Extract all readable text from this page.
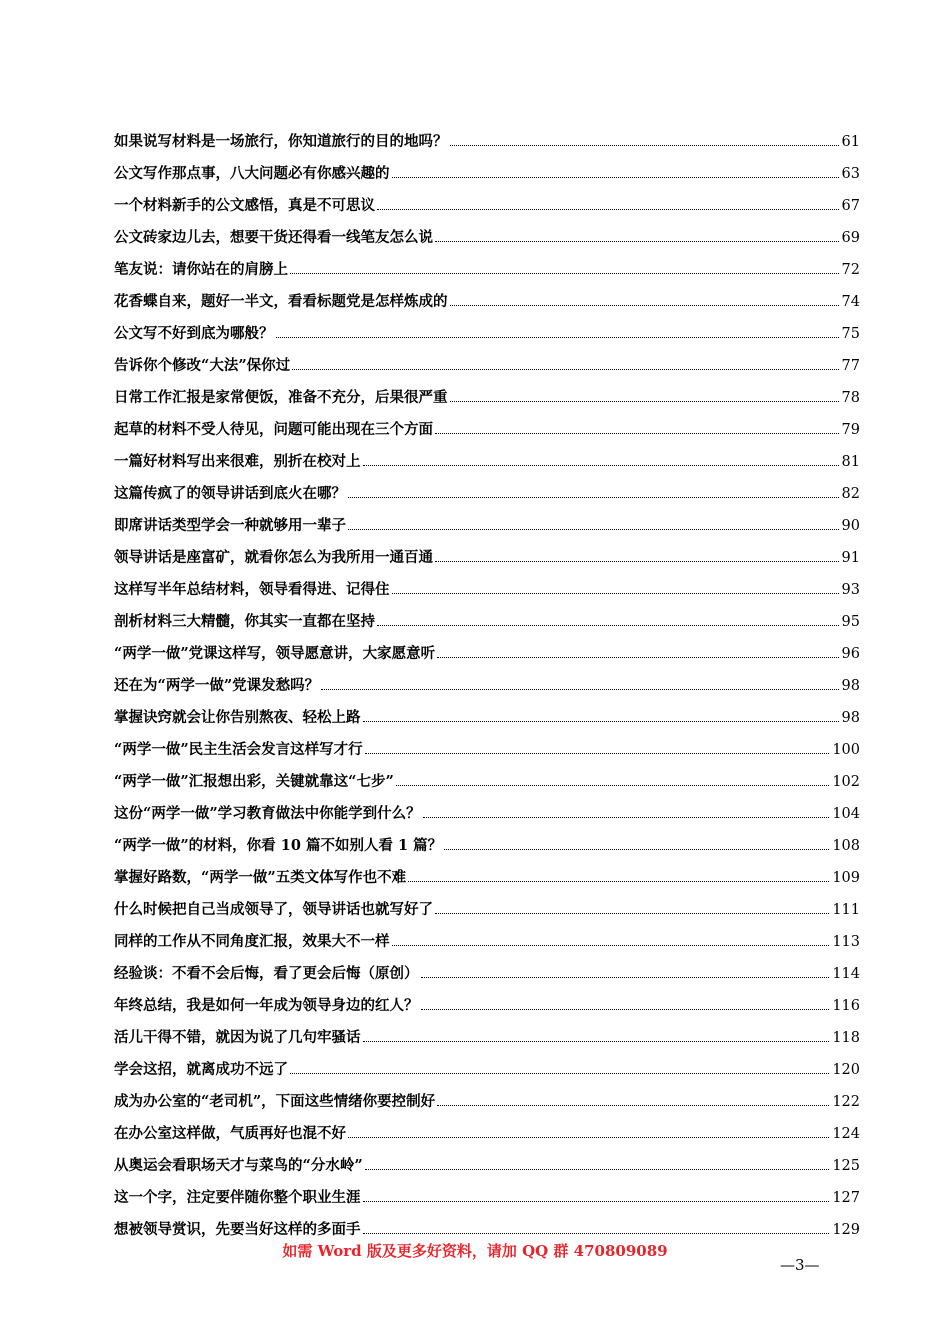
如果说写材料是一场旅行，你知道旅行的目的地吗？	61
公文写作那点事，八大问题必有你感兴趣的	63
一个材料新手的公文感悟，真是不可思议	67
公文砖家边儿去，想要干货还得看一线笔友怎么说	69
笔友说：请你站在的肩膀上	72
花香蝶自来，题好一半文，看看标题党是怎样炼成的	74
公文写不好到底为哪般？	75
告诉你个修改“大法”保你过	77
日常工作汇报是家常便饭，准备不充分，后果很严重	78
起草的材料不受人待见，问题可能出现在三个方面	79
一篇好材料写出来很难，别折在校对上	81
这篇传疯了的领导讲话到底火在哪？	82
即席讲话类型学会一种就够用一辈子	90
领导讲话是座富矿，就看你怎么为我所用一通百通	91
这样写半年总结材料，领导看得进、记得住	93
剖析材料三大精髓，你其实一直都在坚持	95
“两学一做”党课这样写，领导愿意讲，大家愿意听	96
还在为“两学一做”党课发愁吗？	98
掌握诀窍就会让你告别熬夜、轻松上路	98
“两学一做”民主生活会发言这样写才行	100
“两学一做”汇报想出彩，关键就靠这“七步”	102
这份“两学一做”学习教育做法中你能学到什么？	104
“两学一做”的材料，你看 10 篇不如别人看 1 篇？	108
掌握好路数，“两学一做”五类文体写作也不难	109
什么时候把自己当成领导了，领导讲话也就写好了	111
同样的工作从不同角度汇报，效果大不一样	113
经验谈：不看不会后悔，看了更会后悔（原创）	114
年终总结，我是如何一年成为领导身边的红人？	116
活儿干得不错，就因为说了几句牢骚话	118
学会这招，就离成功不远了	120
成为办公室的“老司机”，下面这些情绪你要控制好	122
在办公室这样做，气质再好也混不好	124
从奥运会看职场天才与菜鸟的“分水岭”	125
这一个字，注定要伴随你整个职业生涯	127
想被领导赏识，先要当好这样的多面手	129
如需 Word 版及更多好资料，请加 QQ 群 470809089
—3—
